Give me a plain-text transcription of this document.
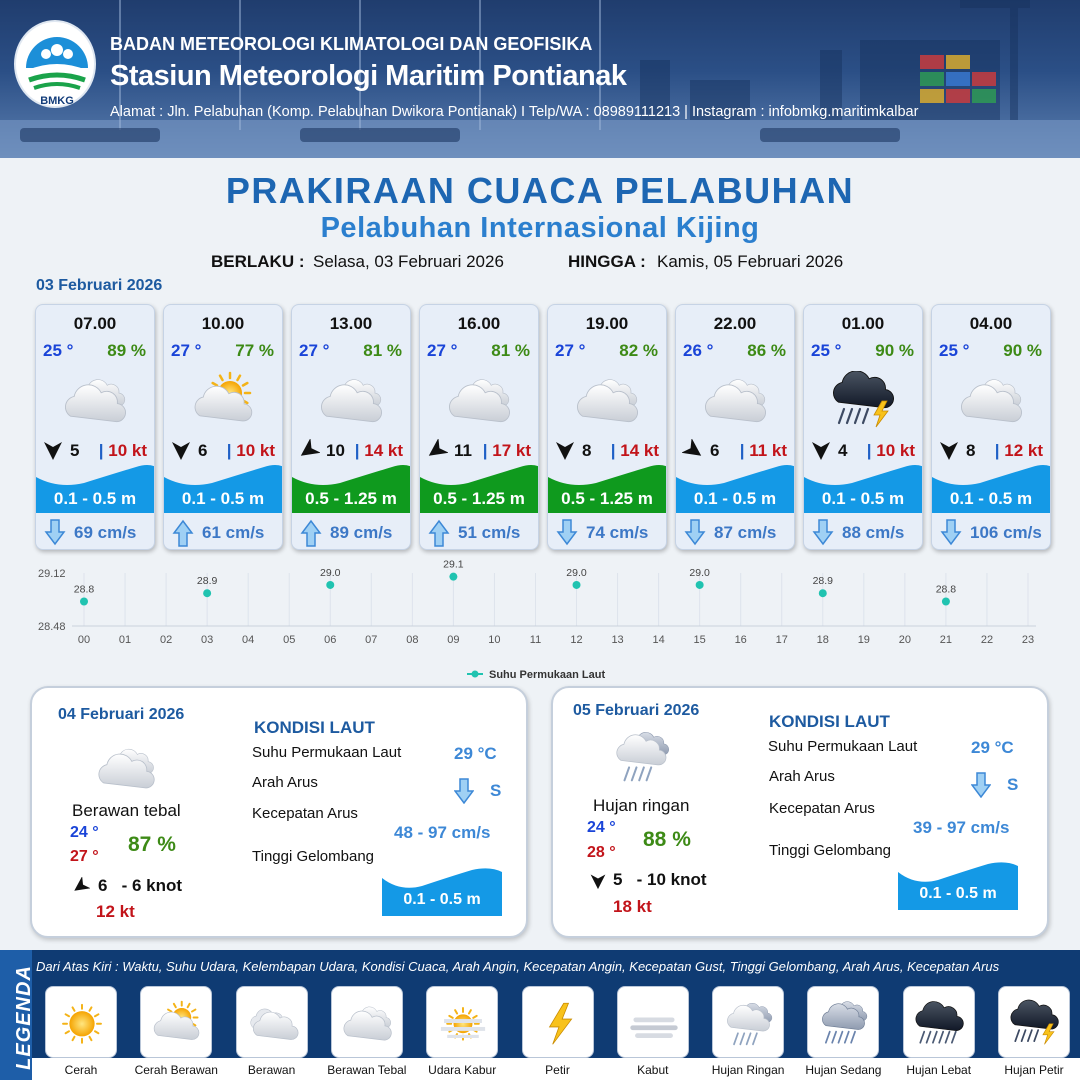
BMKG
BADAN METEOROLOGI KLIMATOLOGI DAN GEOFISIKA
Stasiun Meteorologi Maritim Pontianak
Alamat : Jln. Pelabuhan (Komp. Pelabuhan Dwikora Pontianak) I Telp/WA : 08989111213 | Instagram : infobmkg.maritimkalbar
PRAKIRAAN CUACA PELABUHAN
Pelabuhan Internasional Kijing
BERLAKU : Selasa, 03 Februari 2026	HINGGA : Kamis, 05 Februari 2026
03 Februari 2026
07.00
25 ° 89 %
5 | 10 kt
0.1 - 0.5 m
69 cm/s
10.00
27 ° 77 %
6 | 10 kt
0.1 - 0.5 m
61 cm/s
13.00
27 ° 81 %
10 | 14 kt
0.5 - 1.25 m
89 cm/s
16.00
27 ° 81 %
11 | 17 kt
0.5 - 1.25 m
51 cm/s
19.00
27 ° 82 %
8 | 14 kt
0.5 - 1.25 m
74 cm/s
22.00
26 ° 86 %
6 | 11 kt
0.1 - 0.5 m
87 cm/s
01.00
25 ° 90 %
4 | 10 kt
0.1 - 0.5 m
88 cm/s
04.00
25 ° 90 %
8 | 12 kt
0.1 - 0.5 m
106 cm/s
00	01	02	03	04	05	06	07	08	09	10	11	12	13	14	15	16	17	18	19	20	21	22	23
29.12
28.48
28.8
28.9
29.0
29.1
29.0	29.0
28.9
28.8
Suhu Permukaan Laut
04 Februari 2026
Berawan tebal
24 °
27 °
87 %
6   - 6 knot
12 kt
KONDISI LAUT
Suhu Permukaan Laut	29 °C
Arah Arus	S
Kecepatan Arus
48 - 97 cm/s
Tinggi Gelombang
0.1 - 0.5 m
05 Februari 2026
Hujan ringan
24 °
28 °
88 %
5   - 10 knot
18 kt
KONDISI LAUT
Suhu Permukaan Laut	29 °C
Arah Arus	S
Kecepatan Arus
39 - 97 cm/s
Tinggi Gelombang
0.1 - 0.5 m
LEGENDA Dari Atas Kiri : Waktu, Suhu Udara, Kelembapan Udara, Kondisi Cuaca, Arah Angin, Kecepatan Angin, Kecepatan Gust, Tinggi Gelombang, Arah Arus, Kecepatan Arus
Cerah	Cerah Berawan	Berawan	Berawan Tebal	Udara Kabur	Petir	Kabut	Hujan Ringan	Hujan Sedang	Hujan Lebat	Hujan Petir
